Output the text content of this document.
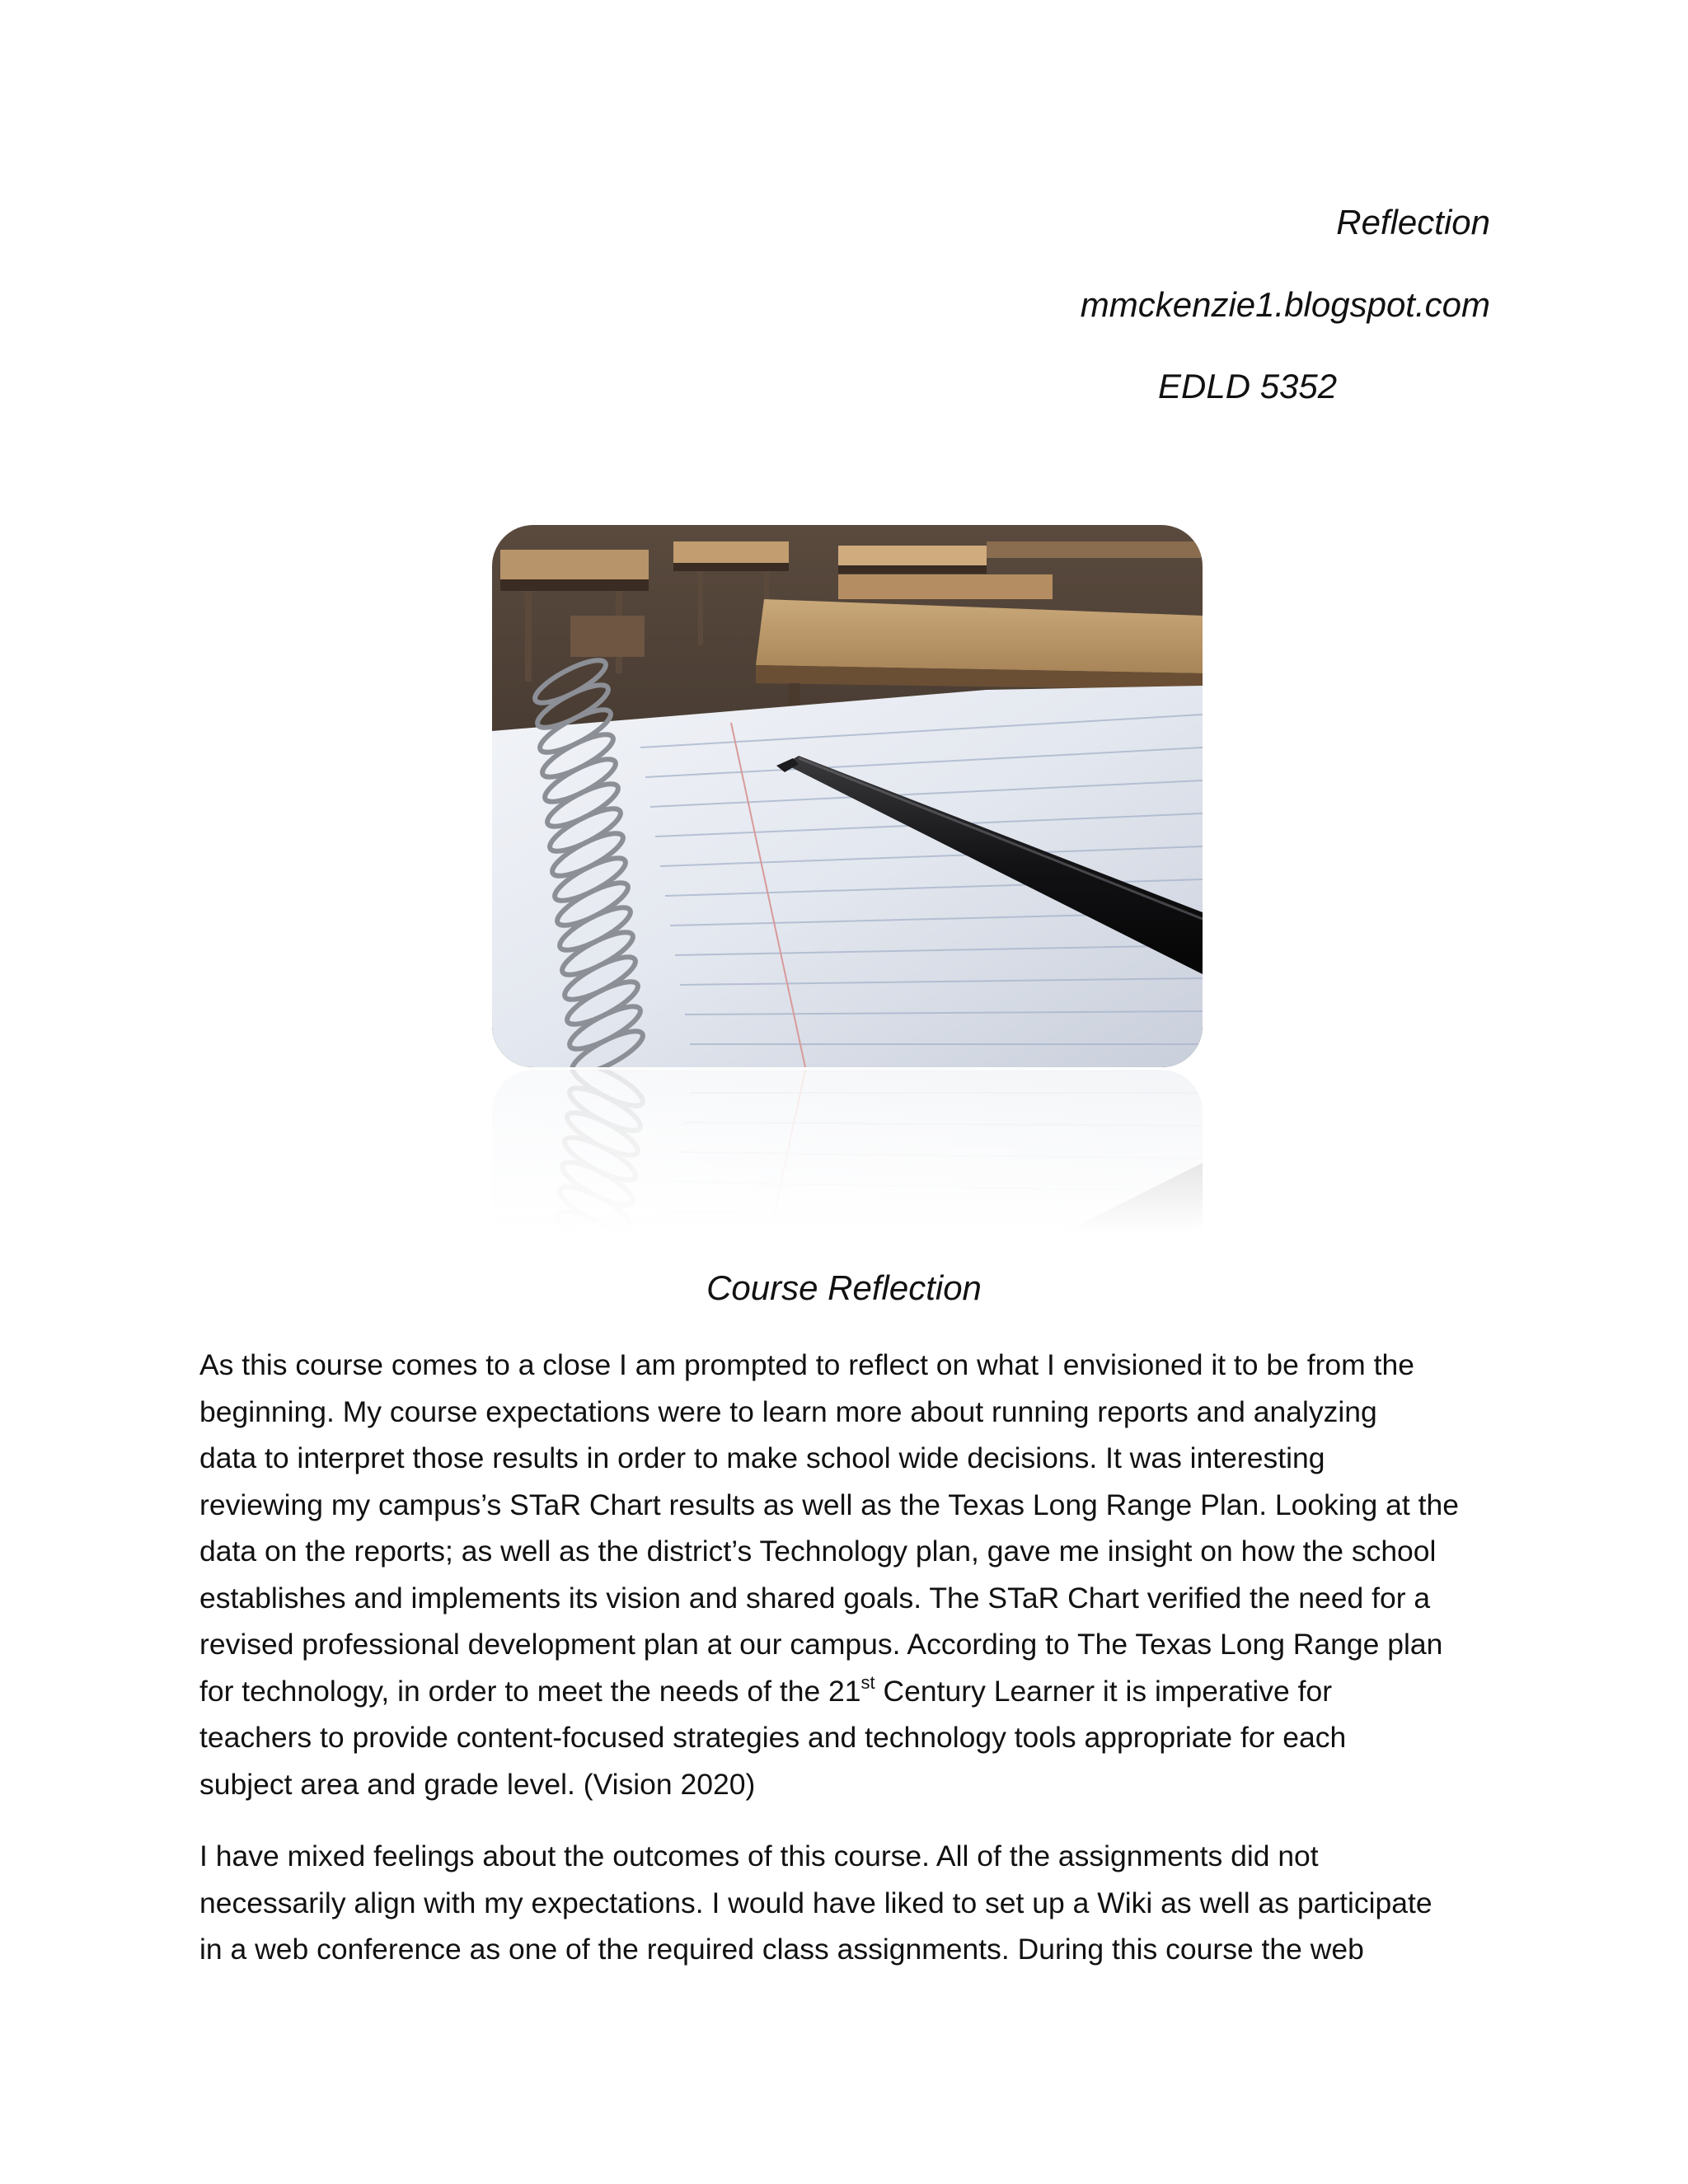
Reflection
mmckenzie1.blogspot.com
EDLD 5352
Course Reflection
As this course comes to a close I am prompted to reflect on what I envisioned it to be from the
beginning. My course expectations were to learn more about running reports and analyzing
data to interpret those results in order to make school wide decisions. It was interesting
reviewing my campus’s STaR Chart results as well as the Texas Long Range Plan. Looking at the
data on the reports; as well as the district’s Technology plan, gave me insight on how the school
establishes and implements its vision and shared goals. The STaR Chart verified the need for a
revised professional development plan at our campus. According to The Texas Long Range plan
for technology, in order to meet the needs of the 21st Century Learner it is imperative for
teachers to provide content-focused strategies and technology tools appropriate for each
subject area and grade level. (Vision 2020)
I have mixed feelings about the outcomes of this course. All of the assignments did not
necessarily align with my expectations. I would have liked to set up a Wiki as well as participate
in a web conference as one of the required class assignments. During this course the web
